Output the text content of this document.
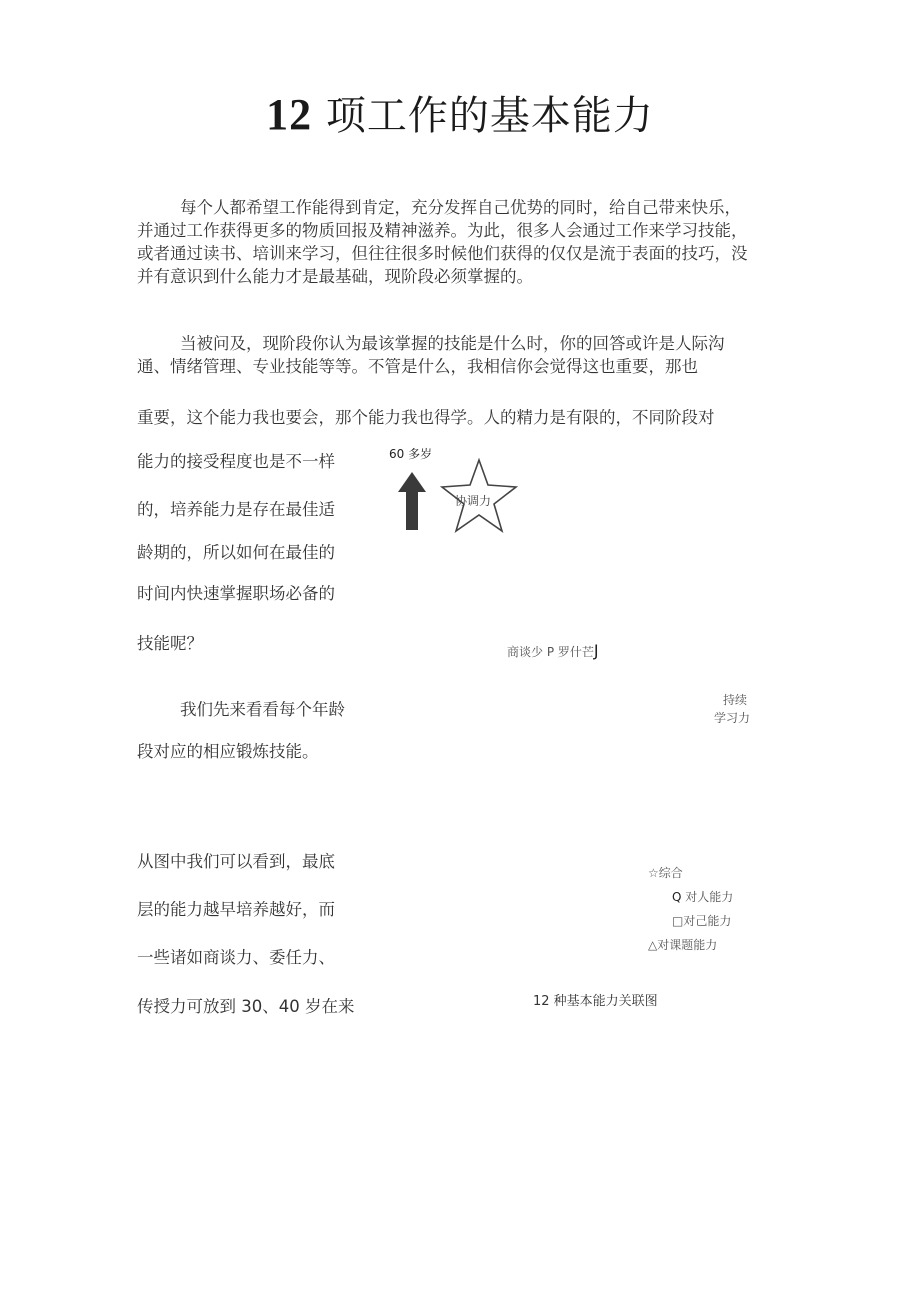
12 项工作的基本能力
每个人都希望工作能得到肯定，充分发挥自己优势的同时，给自己带来快乐，
并通过工作获得更多的物质回报及精神滋养。为此，很多人会通过工作来学习技能，
或者通过读书、培训来学习，但往往很多时候他们获得的仅仅是流于表面的技巧，没
并有意识到什么能力才是最基础，现阶段必须掌握的。
当被问及，现阶段你认为最该掌握的技能是什么时，你的回答或许是人际沟
通、情绪管理、专业技能等等。不管是什么，我相信你会觉得这也重要，那也
重要，这个能力我也要会，那个能力我也得学。人的精力是有限的，不同阶段对
能力的接受程度也是不一样
的，培养能力是存在最佳适
龄期的，所以如何在最佳的
时间内快速掌握职场必备的
技能呢？
我们先来看看每个年龄
段对应的相应锻炼技能。
从图中我们可以看到，最底
层的能力越早培养越好，而
一些诸如商谈力、委任力、
传授力可放到 30、40 岁在来
60 多岁
协调力
商谈少 P 罗什芒J
持续
学习力
☆综合
Q 对人能力
□对己能力
△对课题能力
12 种基本能力关联图
